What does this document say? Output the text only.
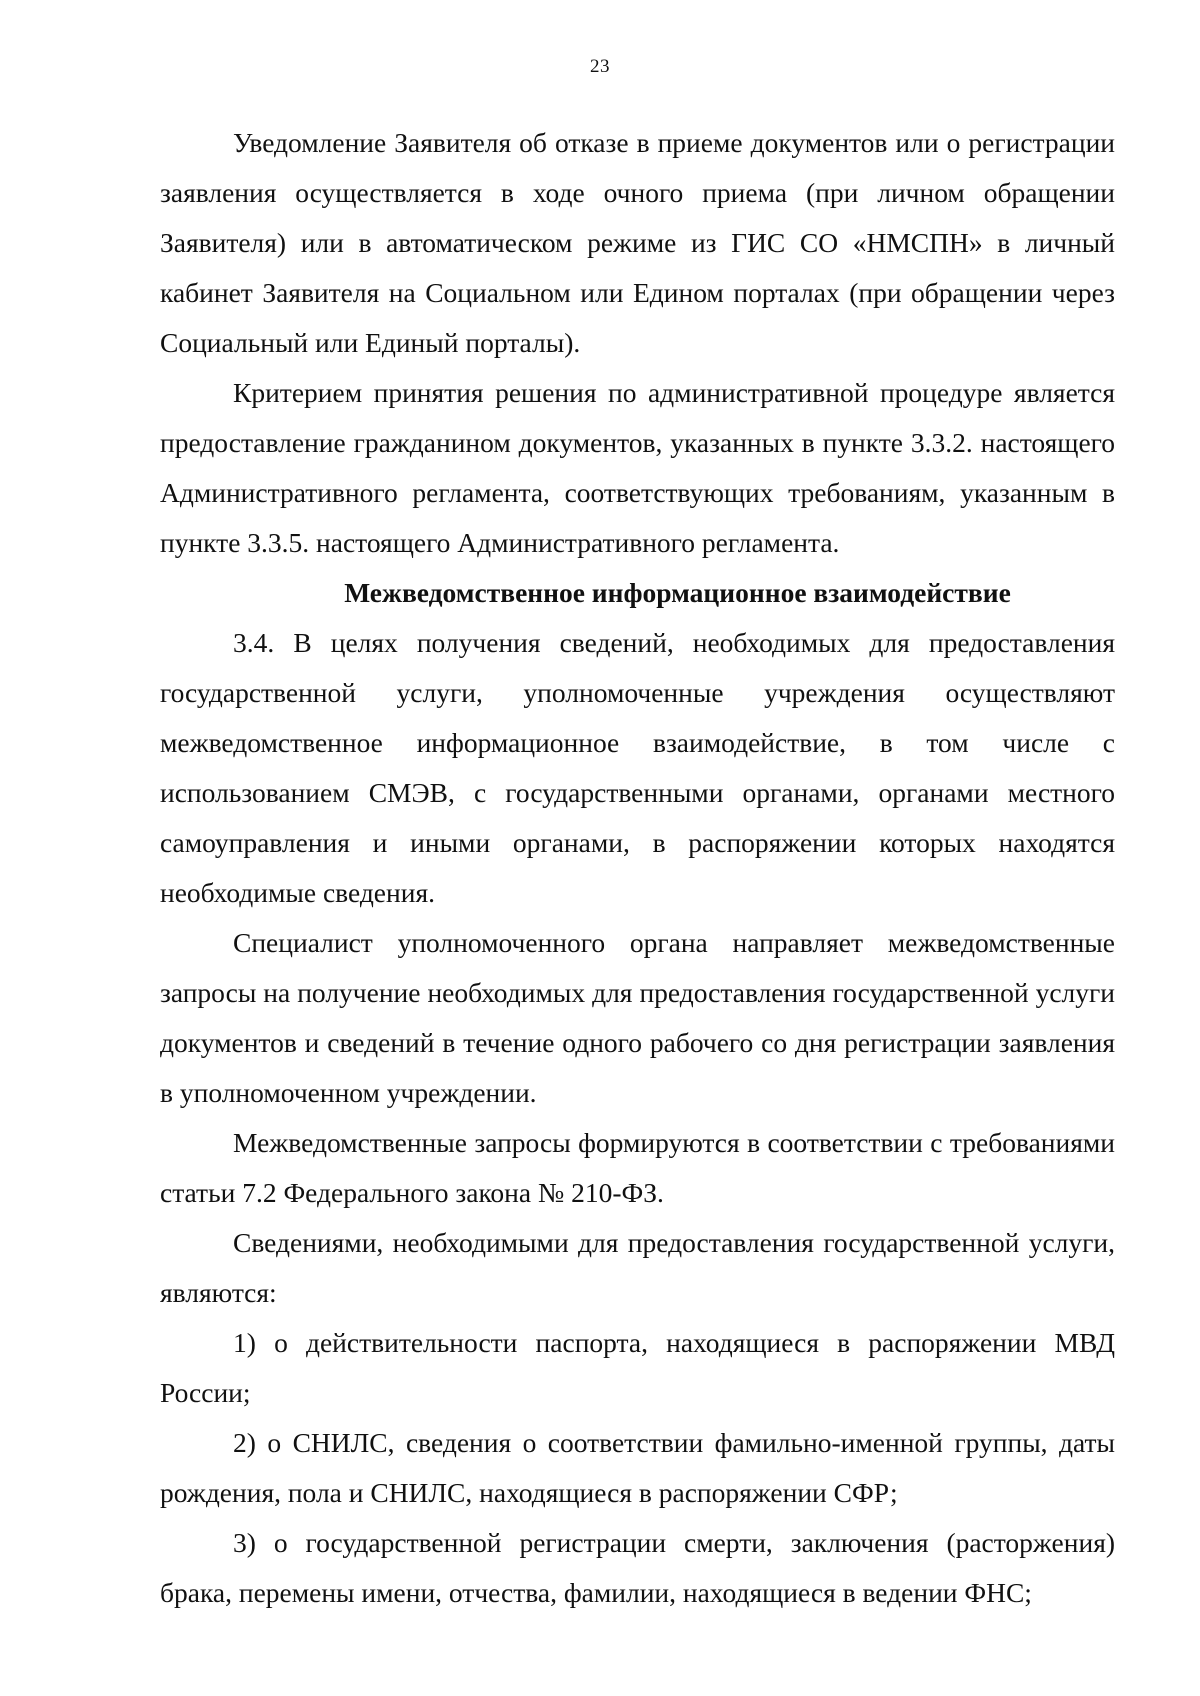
23

Уведомление Заявителя об отказе в приеме документов или о регистрации заявления осуществляется в ходе очного приема (при личном обращении Заявителя) или в автоматическом режиме из ГИС СО «НМСПН» в личный кабинет Заявителя на Социальном или Едином порталах (при обращении через Социальный или Единый порталы).

Критерием принятия решения по административной процедуре является предоставление гражданином документов, указанных в пункте 3.3.2. настоящего Административного регламента, соответствующих требованиям, указанным в пункте 3.3.5. настоящего Административного регламента.

Межведомственное информационное взаимодействие

3.4. В целях получения сведений, необходимых для предоставления государственной услуги, уполномоченные учреждения осуществляют межведомственное информационное взаимодействие, в том числе с использованием СМЭВ, с государственными органами, органами местного самоуправления и иными органами, в распоряжении которых находятся необходимые сведения.

Специалист уполномоченного органа направляет межведомственные запросы на получение необходимых для предоставления государственной услуги документов и сведений в течение одного рабочего со дня регистрации заявления в уполномоченном учреждении.

Межведомственные запросы формируются в соответствии с требованиями статьи 7.2 Федерального закона № 210-ФЗ.

Сведениями, необходимыми для предоставления государственной услуги, являются:

1) о действительности паспорта, находящиеся в распоряжении МВД России;

2) о СНИЛС, сведения о соответствии фамильно-именной группы, даты рождения, пола и СНИЛС, находящиеся в распоряжении СФР;

3) о государственной регистрации смерти, заключения (расторжения) брака, перемены имени, отчества, фамилии, находящиеся в ведении ФНС;
